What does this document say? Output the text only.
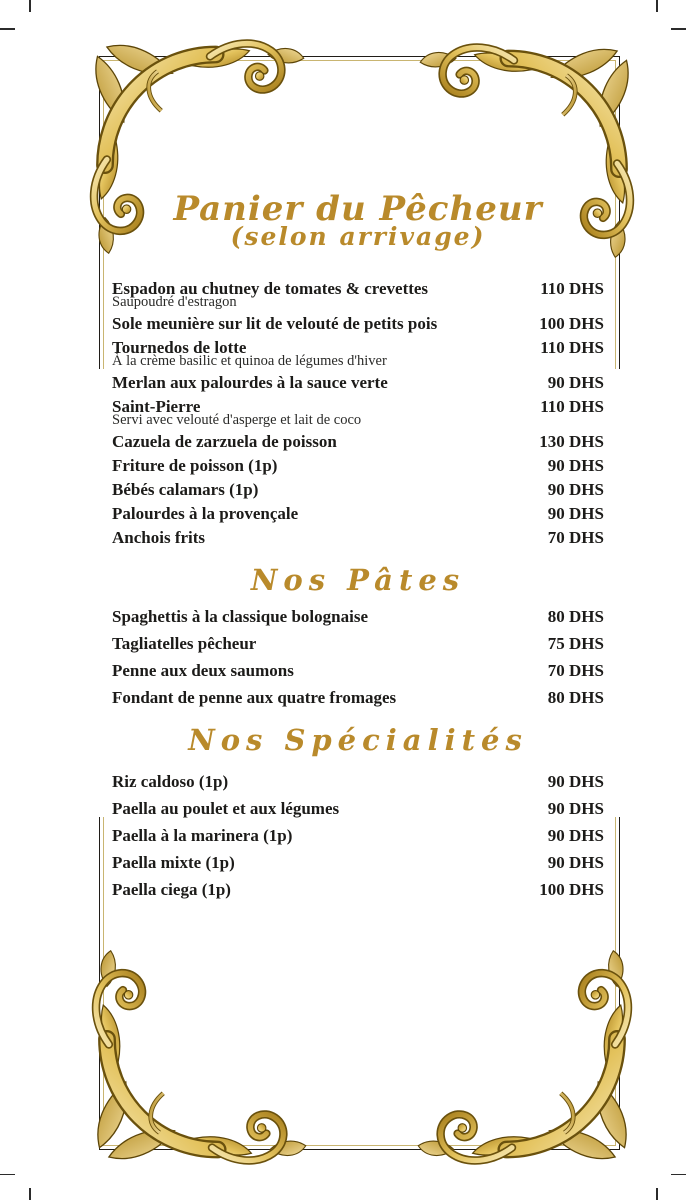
Panier du Pêcheur
(selon arrivage)
Espadon au chutney de tomates & crevettes	110 DHS
Saupoudré d'estragon
Sole meunière sur lit de velouté de petits pois	100 DHS
Tournedos de lotte	110 DHS
À la crème basilic et quinoa de légumes d'hiver
Merlan aux palourdes à la sauce verte	90 DHS
Saint-Pierre	110 DHS
Servi avec velouté d'asperge et lait de coco
Cazuela de zarzuela de poisson	130 DHS
Friture de poisson (1p)	90 DHS
Bébés calamars (1p)	90 DHS
Palourdes à la provençale	90 DHS
Anchois frits	70 DHS
Nos Pâtes
Spaghettis à la classique bolognaise	80 DHS
Tagliatelles pêcheur	75 DHS
Penne aux deux saumons	70 DHS
Fondant de penne aux quatre fromages	80 DHS
Nos Spécialités
Riz caldoso (1p)	90 DHS
Paella au poulet et aux légumes	90 DHS
Paella à la marinera (1p)	90 DHS
Paella mixte (1p)	90 DHS
Paella ciega (1p)	100 DHS
